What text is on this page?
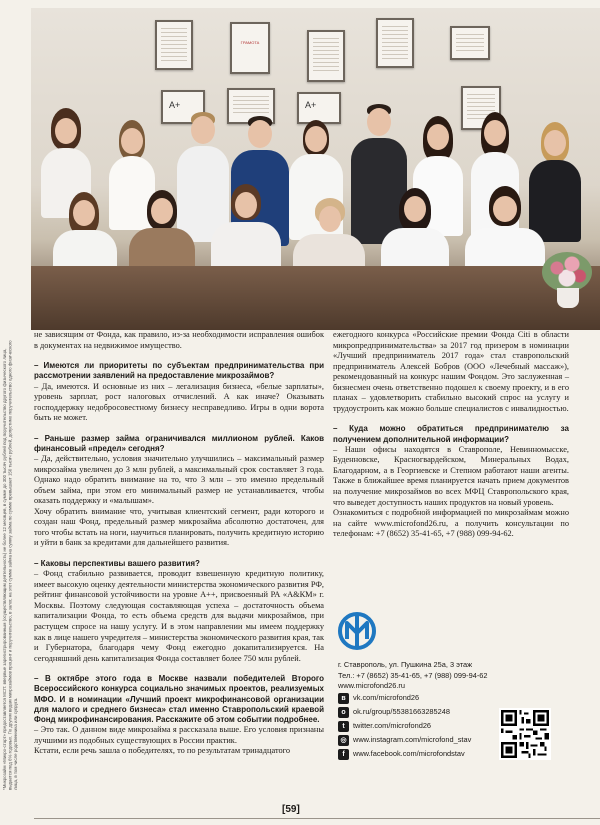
ГРАМОТА
A+	A+
*Микрозайм «Микро-старт» предоставляется МСП: впервые зарегистрированным (осуществляющим деятельность) не более 12 месяцев, в сумме до 300 тысяч рублей под поручительство другого физического лица, выдается под 6% годовых. По другим видам микрозаймов процент и поручительство, в залог, на этот сумме займа на сумму займа по сумме превышает 150 тысяч рублей, допустимо поручительство одного физического лица, в том числе родственника или супруга.

не зависящим от Фонда, как правило, из-за необходимости исправления ошибок в документах на недвижимое имущество.

– Имеются ли приоритеты по субъектам предпринимательства при рассмотрении заявлений на предоставление микрозаймов?

– Да, имеются. И основные из них – легализация бизнеса, «белые зарплаты», уровень зарплат, рост налоговых отчислений. А как иначе? Оказывать господдержку недобросовестному бизнесу несправедливо. Игры в одни ворота быть не может.

– Раньше размер займа ограничивался миллионом рублей. Каков финансовый «предел» сегодня?

– Да, действительно, условия значительно улучшились – максимальный размер микрозайма увеличен до 3 млн рублей, а максимальный срок составляет 3 года. Однако надо обратить внимание на то, что 3 млн – это именно предельный объем займа, при этом его минимальный размер не устанавливается, чтобы оказать поддержку и «малышам».

Хочу обратить внимание что, учитывая клиентский сегмент, ради которого и создан наш Фонд, предельный размер микрозайма абсолютно достаточен, для того чтобы встать на ноги, научиться планировать, получить кредитную историю и уйти в банк за кредитами для дальнейшего развития.

– Каковы перспективы вашего развития?

– Фонд стабильно развивается, проводит взвешенную кредитную политику, имеет высокую оценку деятельности министерства экономического развития РФ, рейтинг финансовой устойчивости на уровне A++, присвоенный РА «А&КМ» г. Москвы. Поэтому следующая составляющая успеха – достаточность объема капитализации Фонда, то есть объема средств для выдачи микрозаймов, при растущем спросе на нашу услугу. И в этом направлении мы имеем поддержку как в лице нашего учредителя – министерства экономического развития края, так и Губернатора, благодаря чему Фонд ежегодно докапитализируется. На сегодняшний день капитализация Фонда составляет более 750 млн рублей.

– В октябре этого года в Москве назвали победителей Второго Всероссийского конкурса социально значимых проектов, реализуемых МФО. И в номинации «Лучший проект микрофинансовой организации для малого и среднего бизнеса» стал именно Ставропольский краевой Фонд микрофинансирования. Расскажите об этом событии подробнее.

– Это так. О данном виде микрозайма я рассказала выше. Его условия признаны лучшими из подобных существующих в России практик.

Кстати, если речь зашла о победителях, то по результатам тринадцатого

ежегодного конкурса «Российские премии Фонда Citi в области микропредпринимательства» за 2017 год призером в номинации «Лучший предприниматель 2017 года» стал ставропольский предприниматель Алексей Бобров (ООО «Лечебный массаж»), рекомендованный на конкурс нашим Фондом. Это заслуженная – бизнесмен очень ответственно подошел к своему проекту, и в его планах – удовлетворить стабильно высокий спрос на услугу и трудоустроить как можно больше специалистов с инвалидностью.

– Куда можно обратиться предпринимателю за получением дополнительной информации?

– Наши офисы находятся в Ставрополе, Невинномысске, Буденновске, Красногвардейском, Минеральных Водах, Благодарном, а в Георгиевске и Степном работают наши агенты. Также в ближайшее время планируется начать прием документов на получение микрозаймов во всех МФЦ Ставропольского края, что выведет доступность наших продуктов на новый уровень.

Ознакомиться с подробной информацией по микрозаймам можно на сайте www.microfond26.ru, а получить консультации по телефонам: +7 (8652) 35-41-65, +7 (988) 099-94-62.

г. Ставрополь, ул. Пушкина 25а, 3 этаж
Тел.: +7 (8652) 35-41-65, +7 (988) 099-94-62
www.microfond26.ru
в vk.com/microfond26
о ok.ru/group/55381663285248
t	twitter.com/microfond26
◎ www.instagram.com/microfond_stav
f	www.facebook.com/microfondstav
[59]
